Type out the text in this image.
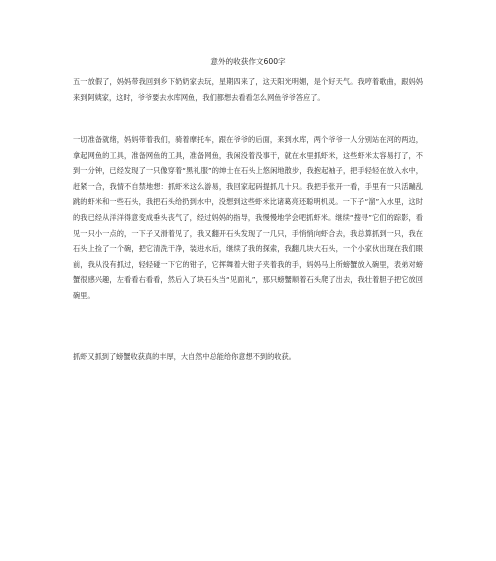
意外的收获作文600字

五一放假了，妈妈带我回到乡下奶奶家去玩，星期四来了，这天阳光明媚，是个好天气。我哼着歌曲，跟妈妈来到阿姨家，这时，爷爷要去水库网鱼，我们都想去看看怎么网鱼爷爷答应了。

一切准备就绪，妈妈带着我们，骑着摩托车，跟在爷爷的后面，来到水库，两个爷爷一人分别站在河的两边，拿起网鱼的工具，准备网鱼的工具，准备网鱼，我闲没着没事干，就在水里抓虾米，这些虾米太容易打了，不到一分钟，已经发现了一只像穿着“黑礼服”的绅士在石头上悠闲地散步，我抱起袖子，把手轻轻在放入水中，赶紧一合，我情不自禁地想：抓虾米这么游易，我回家起码提抓几十只。我把手张开一看，手里有一只活蹦乱跳的虾米和一些石头，我把石头给扔到水中，没想到这些虾米比诸葛亮还聪明机灵。一下子“溜”入水里，这时的我已经从洋洋得意变成垂头丧气了，经过妈妈的指导，我慢慢地学会吧抓虾米。继续“搜寻”它们的踪影，看见一只小一点的，一下子又滑着见了，我又翻开石头发现了一几只，手悄悄向虾合去，我总算抓到一只，我在石头上捡了一个碗，把它清洗干净，装进水后，继续了我的探索，我翻几块大石头，一个小家伙出现在我们眼前，我从没有抓过，轻轻碰一下它的钳子，它挥舞着大钳子夹着我的手，妈妈马上所螃蟹放入碗里，表弟对螃蟹很感兴趣，左看看右看看，然后入了块石头当“见面礼”，那只螃蟹顺着石头爬了出去，我壮着胆子把它放回碗里。

抓虾又抓到了螃蟹收获真的丰厚，大自然中总能给你意想不到的收获。
